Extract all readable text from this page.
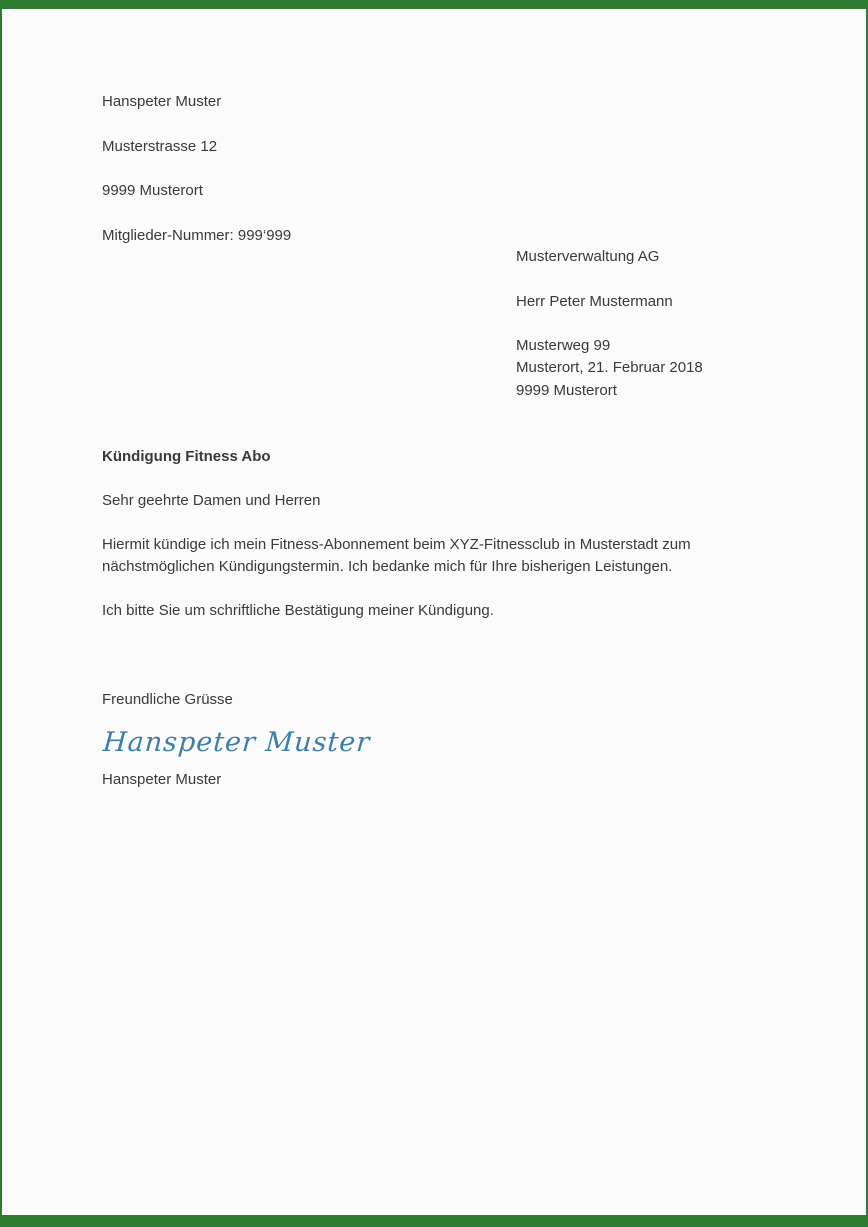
Hanspeter Muster

Musterstrasse 12

9999 Musterort

Mitglieder-Nummer: 999‘999

Musterverwaltung AG

Herr Peter Mustermann

Musterweg 99

9999 Musterort

Musterort, 21. Februar 2018
Kündigung Fitness Abo
Sehr geehrte Damen und Herren
Hiermit kündige ich mein Fitness-Abonnement beim XYZ-Fitnessclub in Musterstadt zum nächstmöglichen Kündigungstermin. Ich bedanke mich für Ihre bisherigen Leistungen.
Ich bitte Sie um schriftliche Bestätigung meiner Kündigung.
Freundliche Grüsse
Hanspeter Muster
Hanspeter Muster
